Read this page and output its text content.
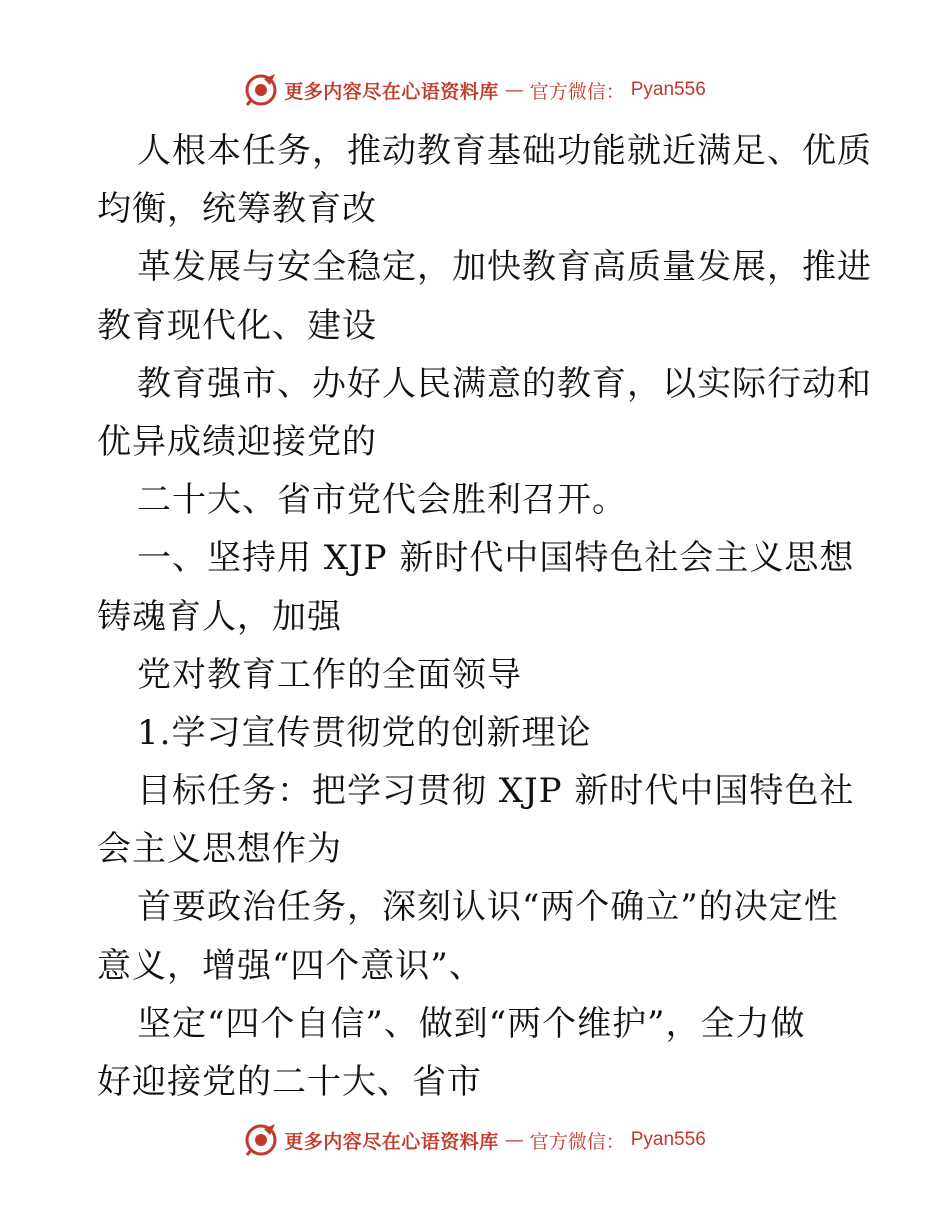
更多内容尽在心语资料库 — 官方微信： Pyan556
人根本任务，推动教育基础功能就近满足、优质
均衡，统筹教育改
革发展与安全稳定，加快教育高质量发展，推进
教育现代化、建设
教育强市、办好人民满意的教育，以实际行动和
优异成绩迎接党的
二十大、省市党代会胜利召开。
一、坚持用 XJP 新时代中国特色社会主义思想
铸魂育人，加强
党对教育工作的全面领导
1.学习宣传贯彻党的创新理论
目标任务：把学习贯彻 XJP 新时代中国特色社
会主义思想作为
首要政治任务，深刻认识“两个确立”的决定性
意义，增强“四个意识”、
坚定“四个自信”、做到“两个维护”，全力做
好迎接党的二十大、省市
更多内容尽在心语资料库 — 官方微信： Pyan556
